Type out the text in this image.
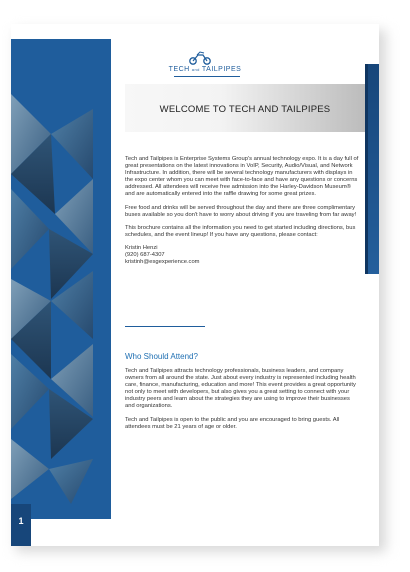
1
TECH and TAILPIPES
WELCOME TO TECH AND TAILPIPES

Tech and Tailpipes is Enterprise Systems Group's annual technology expo. It is a day full of great presentations on the latest innovations in VoIP, Security, Audio/Visual, and Network Infrastructure. In addition, there will be several technology manufacturers with displays in the expo center whom you can meet with face-to-face and have any questions or concerns addressed. All attendees will receive free admission into the Harley-Davidson Museum® and are automatically entered into the raffle drawing for some great prizes.

Free food and drinks will be served throughout the day and there are three complimentary buses available so you don't have to worry about driving if you are traveling from far away!

This brochure contains all the information you need to get started including directions, bus schedules, and the event lineup! If you have any questions, please contact:

Kristin Henzi
(920) 687-4307
kristinh@esgexperience.com
Who Should Attend?

Tech and Tailpipes attracts technology professionals, business leaders, and company owners from all around the state. Just about every industry is represented including health care, finance, manufacturing, education and more! This event provides a great opportunity not only to meet with developers, but also gives you a great setting to connect with your industry peers and learn about the strategies they are using to improve their businesses and organizations.

Tech and Tailpipes is open to the public and you are encouraged to bring guests. All attendees must be 21 years of age or older.
